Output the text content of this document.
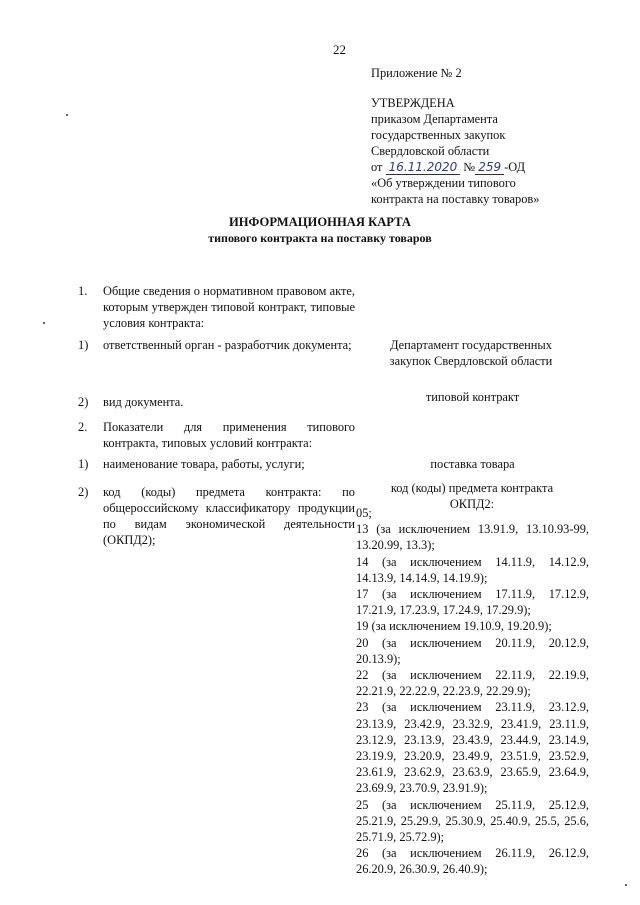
22
Приложение № 2
УТВЕРЖДЕНА
приказом Департамента
государственных закупок
Свердловской области
от 16.11.2020 № 259 -ОД
«Об утверждении типового
контракта на поставку товаров»
ИНФОРМАЦИОННАЯ КАРТА
типового контракта на поставку товаров
1. Общие сведения о нормативном правовом акте, которым утвержден типовой контракт, типовые условия контракта:
1) ответственный орган - разработчик документа;	Департамент государственных закупок Свердловской области
2) вид документа.	типовой контракт
2. Показатели для применения типового контракта, типовых условий контракта:
1) наименование товара, работы, услуги;	поставка товара
2) код (коды) предмета контракта: по общероссийскому классификатору продукции по видам экономической деятельности (ОКПД2);
код (коды) предмета контракта ОКПД2:
05;
13 (за исключением 13.91.9, 13.10.93-99, 13.20.99, 13.3);
14 (за исключением 14.11.9, 14.12.9, 14.13.9, 14.14.9, 14.19.9);
17 (за исключением 17.11.9, 17.12.9, 17.21.9, 17.23.9, 17.24.9, 17.29.9);
19 (за исключением 19.10.9, 19.20.9);
20 (за исключением 20.11.9, 20.12.9, 20.13.9);
22 (за исключением 22.11.9, 22.19.9, 22.21.9, 22.22.9, 22.23.9, 22.29.9);
23 (за исключением 23.11.9, 23.12.9, 23.13.9, 23.42.9, 23.32.9, 23.41.9, 23.11.9, 23.12.9, 23.13.9, 23.43.9, 23.44.9, 23.14.9, 23.19.9, 23.20.9, 23.49.9, 23.51.9, 23.52.9, 23.61.9, 23.62.9, 23.63.9, 23.65.9, 23.64.9, 23.69.9, 23.70.9, 23.91.9);
25 (за исключением 25.11.9, 25.12.9, 25.21.9, 25.29.9, 25.30.9, 25.40.9, 25.5, 25.6, 25.71.9, 25.72.9);
26 (за исключением 26.11.9, 26.12.9, 26.20.9, 26.30.9, 26.40.9);
